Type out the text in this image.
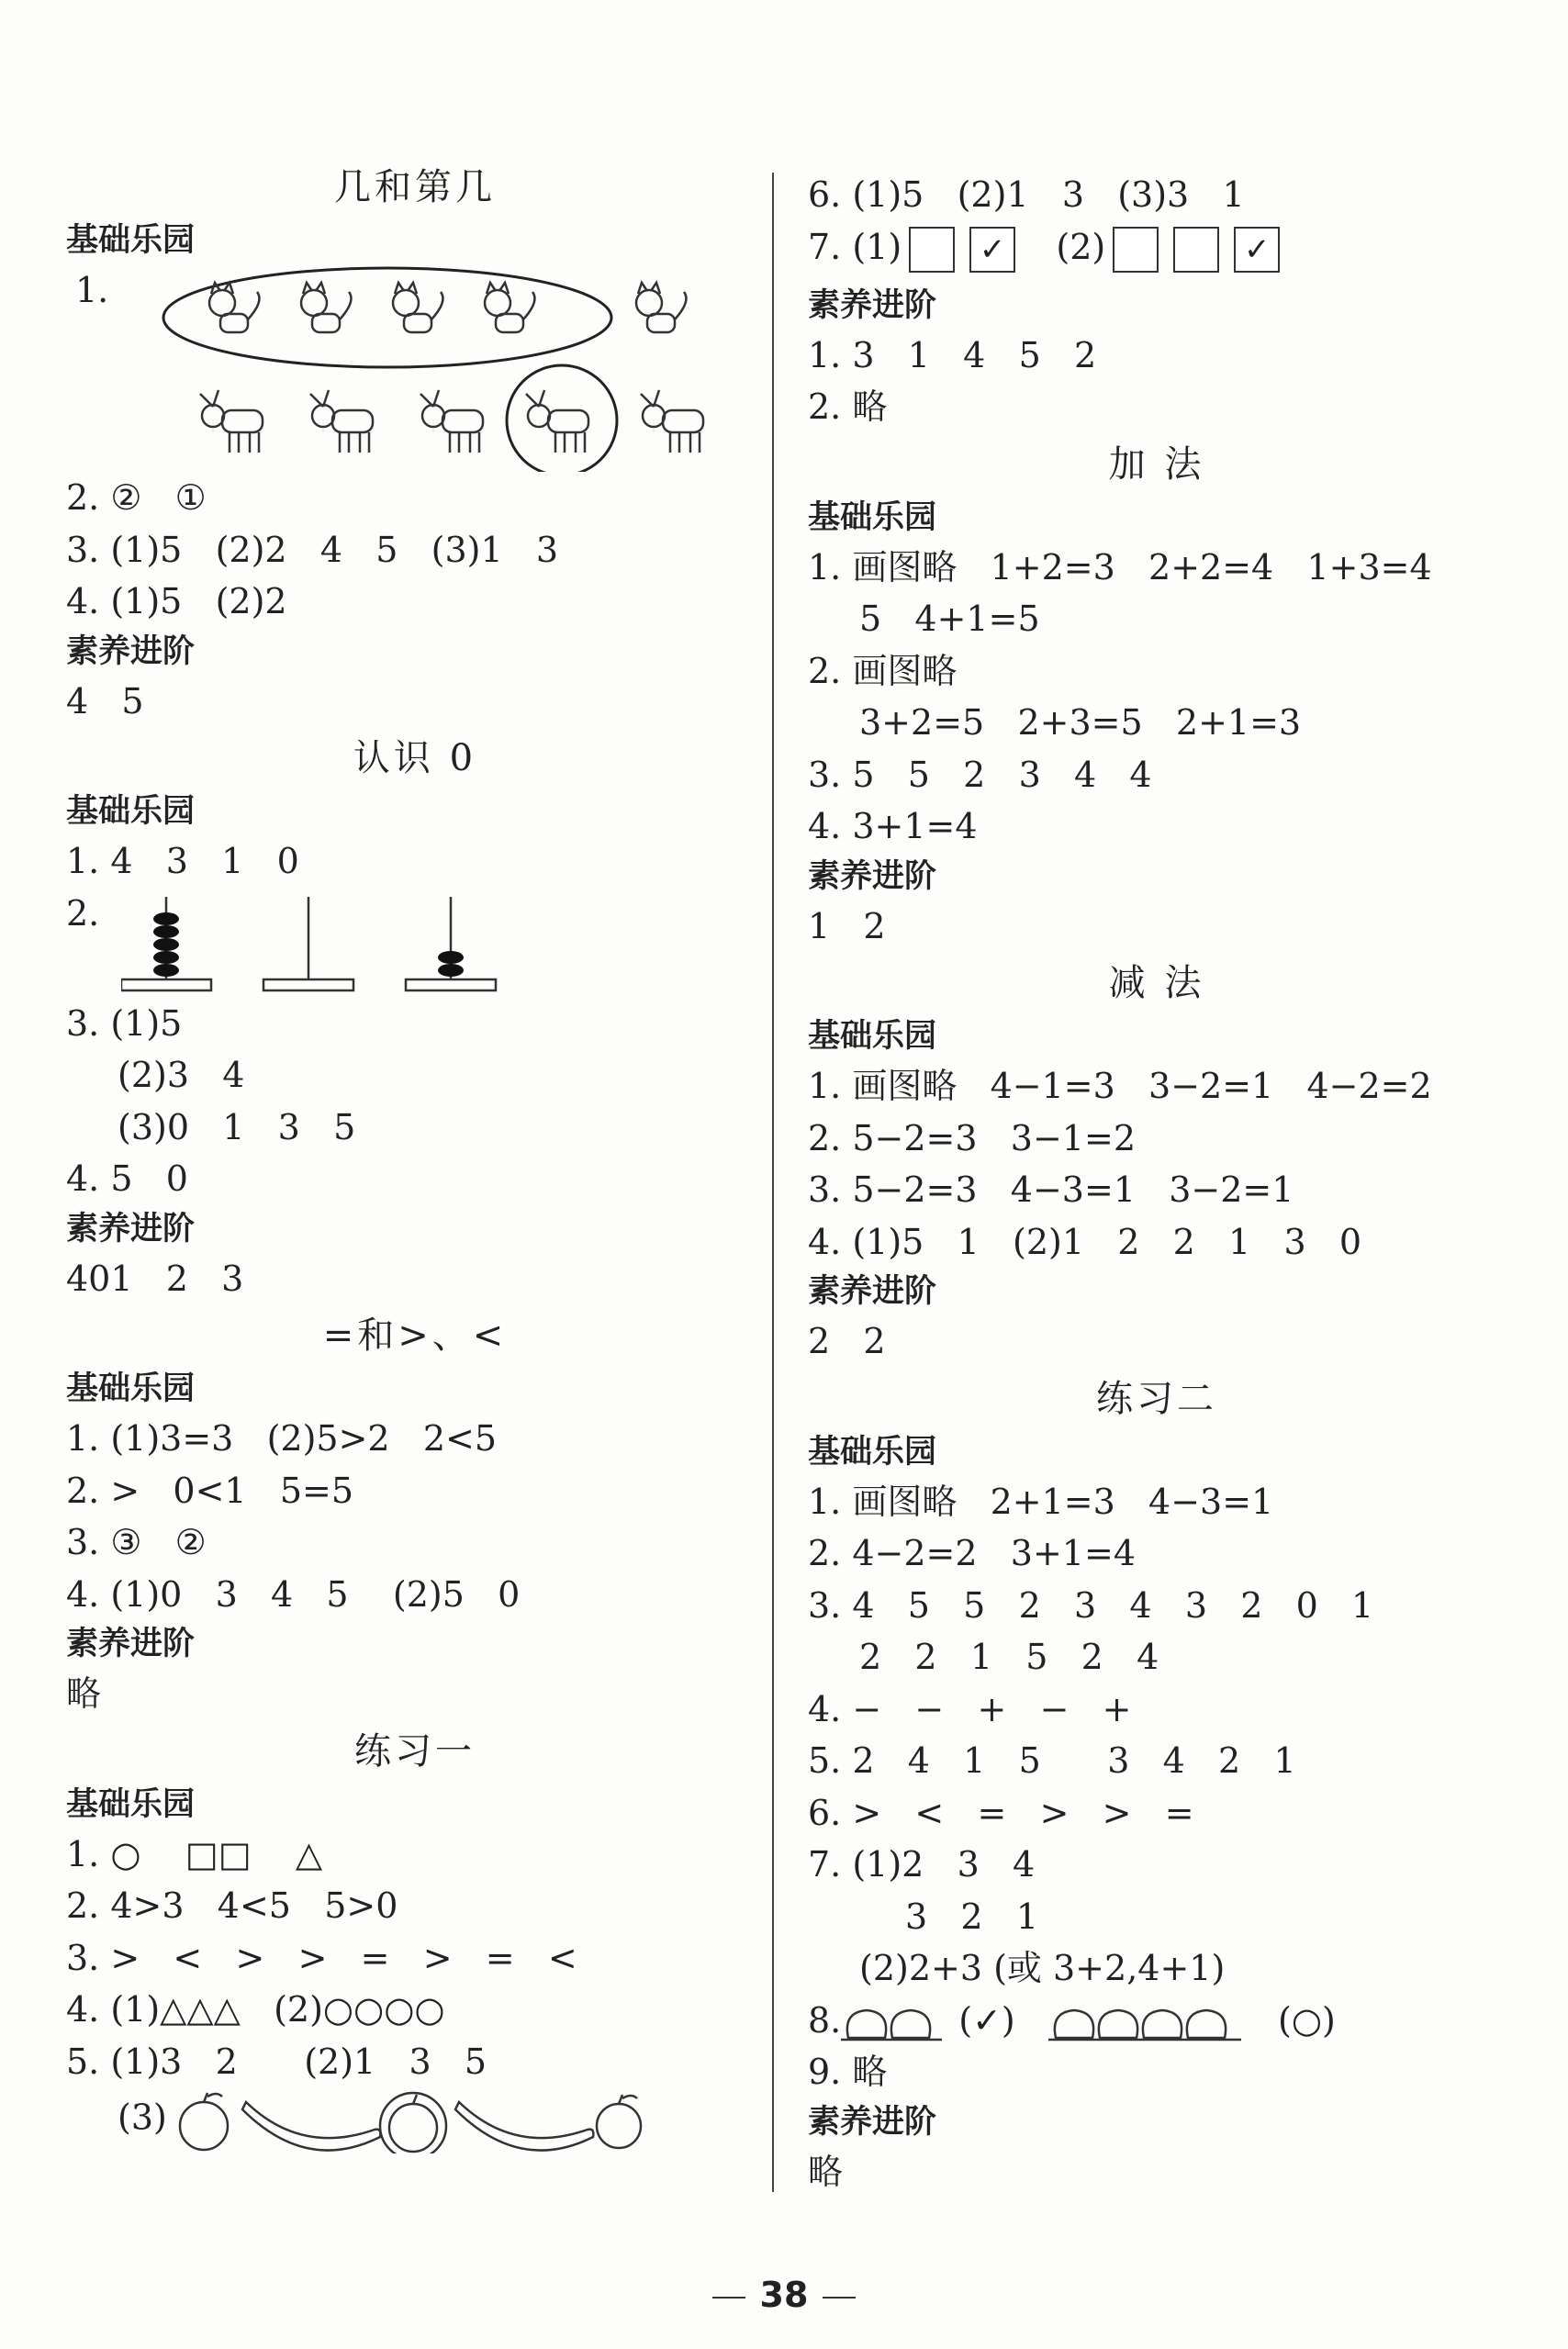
几和第几
基础乐园
1.
2. ②   ①
3. (1)5   (2)2   4   5   (3)1   3
4. (1)5   (2)2
素养进阶
4   5
认识 0
基础乐园
1. 4   3   1   0
2.
3. (1)5
(2)3   4
(3)0   1   3   5
4. 5   0
素养进阶
401   2   3
=和>、<
基础乐园
1. (1)3=3   (2)5>2   2<5
2. >   0<1   5=5
3. ③   ②
4. (1)0   3   4   5    (2)5   0
素养进阶
略
练习一
基础乐园
1. ○    □□    △
2. 4>3   4<5   5>0
3. >   <   >   >   =   >   =   <
4. (1)△△△   (2)○○○○
5. (1)3   2      (2)1   3   5
(3)
6. (1)5   (2)1   3   (3)3   1
7. (1) ✓ (2)	✓
素养进阶
1. 3   1   4   5   2
2. 略
加 法
基础乐园
1. 画图略   1+2=3   2+2=4   1+3=4
5   4+1=5
2. 画图略
3+2=5   2+3=5   2+1=3
3. 5   5   2   3   4   4
4. 3+1=4
素养进阶
1   2
减 法
基础乐园
1. 画图略   4−1=3   3−2=1   4−2=2
2. 5−2=3   3−1=2
3. 5−2=3   4−3=1   3−2=1
4. (1)5   1   (2)1   2   2   1   3   0
素养进阶
2   2
练习二
基础乐园
1. 画图略   2+1=3   4−3=1
2. 4−2=2   3+1=4
3. 4   5   5   2   3   4   3   2   0   1
2   2   1   5   2   4
4. −   −   +   −   +
5. 2   4   1   5      3   4   2   1
6. >   <   =   >   >   =
7. (1)2   3   4
3   2   1
(2)2+3 (或 3+2,4+1)
8.	(✓)	(○)
9. 略
素养进阶
略
38
